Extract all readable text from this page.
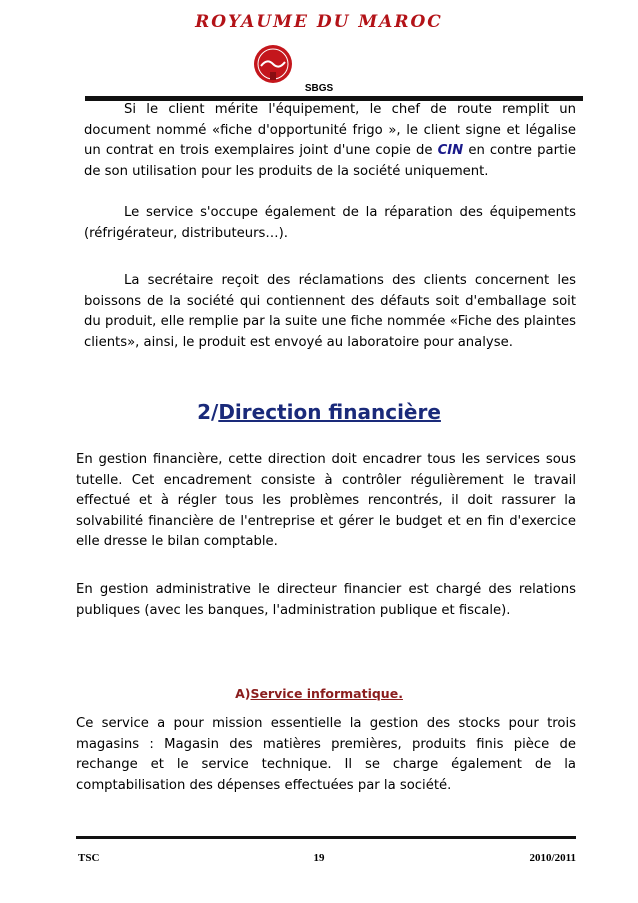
ROYAUME DU MAROC
SBGS
Si le client mérite l'équipement, le chef de route remplit un document nommé «fiche d'opportunité frigo », le client signe et légalise un contrat en trois exemplaires joint d'une copie de CIN en contre partie de son utilisation pour les produits de la société uniquement.
Le service s'occupe également de la réparation des équipements (réfrigérateur, distributeurs…).
La secrétaire reçoit des réclamations des clients concernent les boissons de la société qui contiennent des défauts soit d'emballage soit du produit, elle remplie par la suite une fiche nommée «Fiche des plaintes clients», ainsi, le produit est envoyé au laboratoire pour analyse.
2/Direction financière
En gestion financière, cette direction doit encadrer tous les services sous tutelle. Cet encadrement consiste à contrôler régulièrement le travail effectué et à régler tous les problèmes rencontrés, il doit rassurer la solvabilité financière de l'entreprise et gérer le budget et en fin d'exercice elle dresse le bilan comptable.
En gestion administrative le directeur financier est chargé des relations publiques (avec les banques, l'administration publique et fiscale).
A)Service informatique.
Ce service a pour mission essentielle la gestion des stocks pour trois magasins : Magasin des matières premières, produits finis pièce de rechange et le service technique. Il se charge également de la comptabilisation des dépenses effectuées par la société.
TSC	19	2010/2011
